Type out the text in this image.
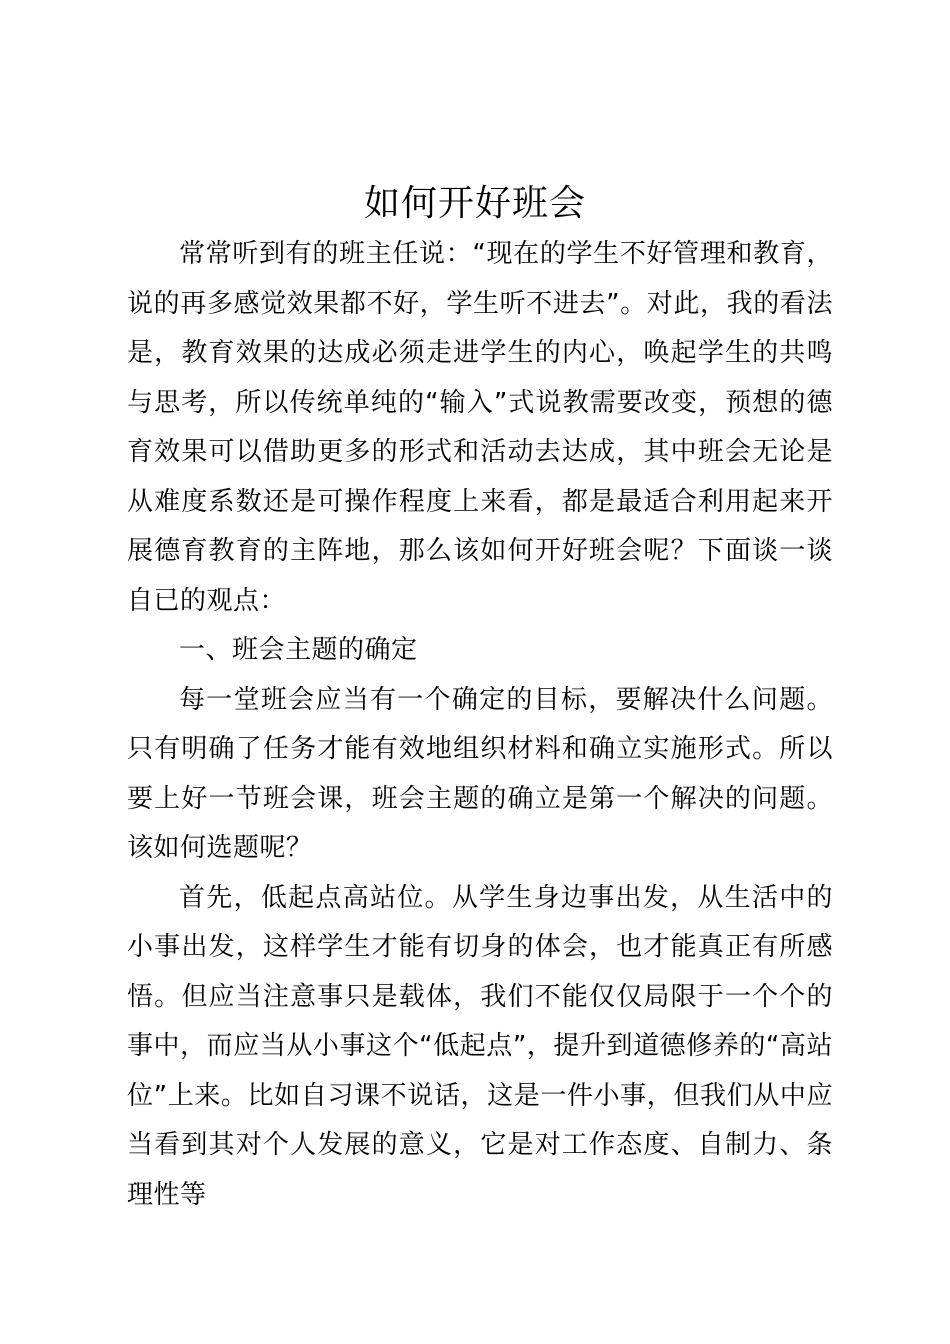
如何开好班会

常常听到有的班主任说：“现在的学生不好管理和教育，说的再多感觉效果都不好，学生听不进去”。对此，我的看法是，教育效果的达成必须走进学生的内心，唤起学生的共鸣与思考，所以传统单纯的“输入”式说教需要改变，预想的德育效果可以借助更多的形式和活动去达成，其中班会无论是从难度系数还是可操作程度上来看，都是最适合利用起来开展德育教育的主阵地，那么该如何开好班会呢？下面谈一谈自已的观点：

一、班会主题的确定

每一堂班会应当有一个确定的目标，要解决什么问题。只有明确了任务才能有效地组织材料和确立实施形式。所以要上好一节班会课，班会主题的确立是第一个解决的问题。该如何选题呢？

首先，低起点高站位。从学生身边事出发，从生活中的小事出发，这样学生才能有切身的体会，也才能真正有所感悟。但应当注意事只是载体，我们不能仅仅局限于一个个的事中，而应当从小事这个“低起点”，提升到道德修养的“高站位”上来。比如自习课不说话，这是一件小事，但我们从中应当看到其对个人发展的意义，它是对工作态度、自制力、条理性等
